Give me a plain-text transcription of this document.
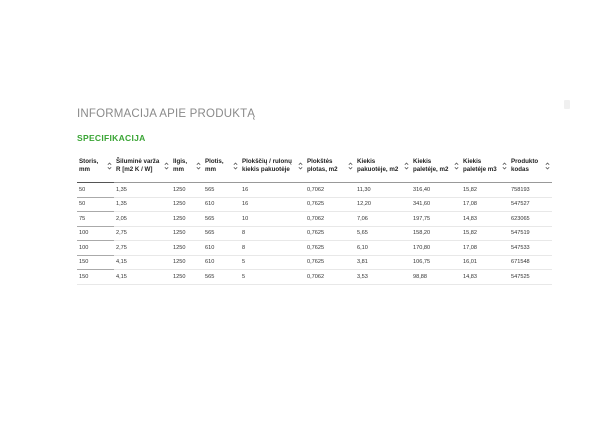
INFORMACIJA APIE PRODUKTĄ
SPECIFIKACIJA
Storis, mm	Šiluminė varža R [m2 K / W]	Ilgis, mm	Plotis, mm	Plokščių / rulonų kiekis pakuotėje	Plokštės plotas, m2	Kiekis pakuotėje, m2	Kiekis paletėje, m2	Kiekis paletėje m3	Produkto kodas

50	1,35	1250	565	16	0,7062	11,30	316,40	15,82	758193
50	1,35	1250	610	16	0,7625	12,20	341,60	17,08	547527
75	2,05	1250	565	10	0,7062	7,06	197,75	14,83	623065
100	2,75	1250	565	8	0,7625	5,65	158,20	15,82	547519
100	2,75	1250	610	8	0,7625	6,10	170,80	17,08	547533
150	4,15	1250	610	5	0,7625	3,81	106,75	16,01	671548
150	4,15	1250	565	5	0,7062	3,53	98,88	14,83	547525
